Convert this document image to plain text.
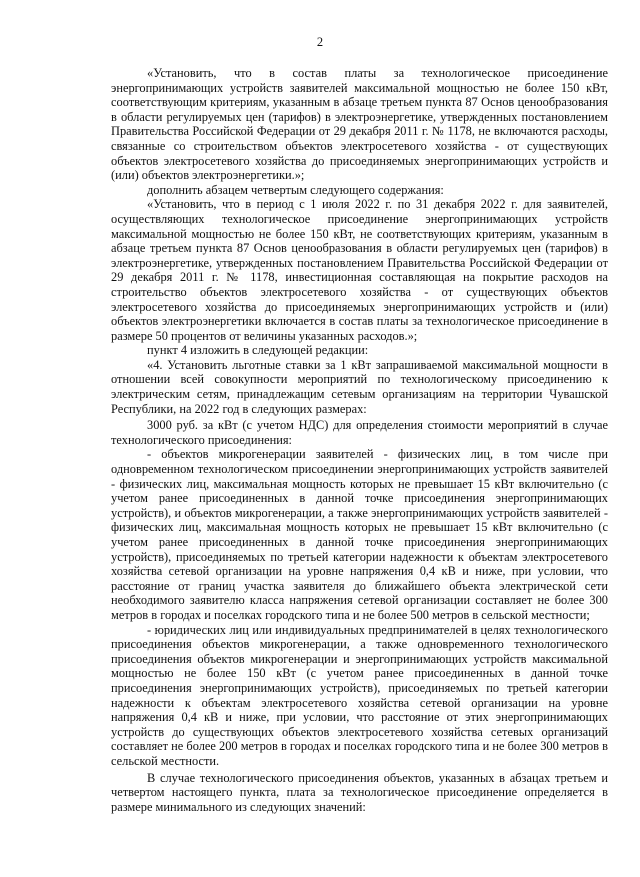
2

«Установить, что в состав платы за технологическое присоединение энергопринимающих устройств заявителей максимальной мощностью не более 150 кВт, соответствующим критериям, указанным в абзаце третьем пункта 87 Основ ценообразования в области регулируемых цен (тарифов) в электроэнергетике, утвержденных постановлением Правительства Российской Федерации от 29 декабря 2011 г. № 1178, не включаются расходы, связанные со строительством объектов электросетевого хозяйства - от существующих объектов электросетевого хозяйства до присоединяемых энергопринимающих устройств и (или) объектов электроэнергетики.»;

дополнить абзацем четвертым следующего содержания:

«Установить, что в период с 1 июля 2022 г. по 31 декабря 2022 г. для заявителей, осуществляющих технологическое присоединение энергопринимающих устройств максимальной мощностью не более 150 кВт, не соответствующих критериям, указанным в абзаце третьем пункта 87 Основ ценообразования в области регулируемых цен (тарифов) в электроэнергетике, утвержденных постановлением Правительства Российской Федерации от 29 декабря 2011 г. № 1178, инвестиционная составляющая на покрытие расходов на строительство объектов электросетевого хозяйства - от существующих объектов электросетевого хозяйства до присоединяемых энергопринимающих устройств и (или) объектов электроэнергетики включается в состав платы за технологическое присоединение в размере 50 процентов от величины указанных расходов.»;

пункт 4 изложить в следующей редакции:

«4. Установить льготные ставки за 1 кВт запрашиваемой максимальной мощности в отношении всей совокупности мероприятий по технологическому присоединению к электрическим сетям, принадлежащим сетевым организациям на территории Чувашской Республики, на 2022 год в следующих размерах:

3000 руб. за кВт (с учетом НДС) для определения стоимости мероприятий в случае технологического присоединения:

- объектов микрогенерации заявителей - физических лиц, в том числе при одновременном технологическом присоединении энергопринимающих устройств заявителей - физических лиц, максимальная мощность которых не превышает 15 кВт включительно (с учетом ранее присоединенных в данной точке присоединения энергопринимающих устройств), и объектов микрогенерации, а также энергопринимающих устройств заявителей - физических лиц, максимальная мощность которых не превышает 15 кВт включительно (с учетом ранее присоединенных в данной точке присоединения энергопринимающих устройств), присоединяемых по третьей категории надежности к объектам электросетевого хозяйства сетевой организации на уровне напряжения 0,4 кВ и ниже, при условии, что расстояние от границ участка заявителя до ближайшего объекта электрической сети необходимого заявителю класса напряжения сетевой организации составляет не более 300 метров в городах и поселках городского типа и не более 500 метров в сельской местности;

- юридических лиц или индивидуальных предпринимателей в целях технологического присоединения объектов микрогенерации, а также одновременного технологического присоединения объектов микрогенерации и энергопринимающих устройств максимальной мощностью не более 150 кВт (с учетом ранее присоединенных в данной точке присоединения энергопринимающих устройств), присоединяемых по третьей категории надежности к объектам электросетевого хозяйства сетевой организации на уровне напряжения 0,4 кВ и ниже, при условии, что расстояние от этих энергопринимающих устройств до существующих объектов электросетевого хозяйства сетевых организаций составляет не более 200 метров в городах и поселках городского типа и не более 300 метров в сельской местности.

В случае технологического присоединения объектов, указанных в абзацах третьем и четвертом настоящего пункта, плата за технологическое присоединение определяется в размере минимального из следующих значений:
